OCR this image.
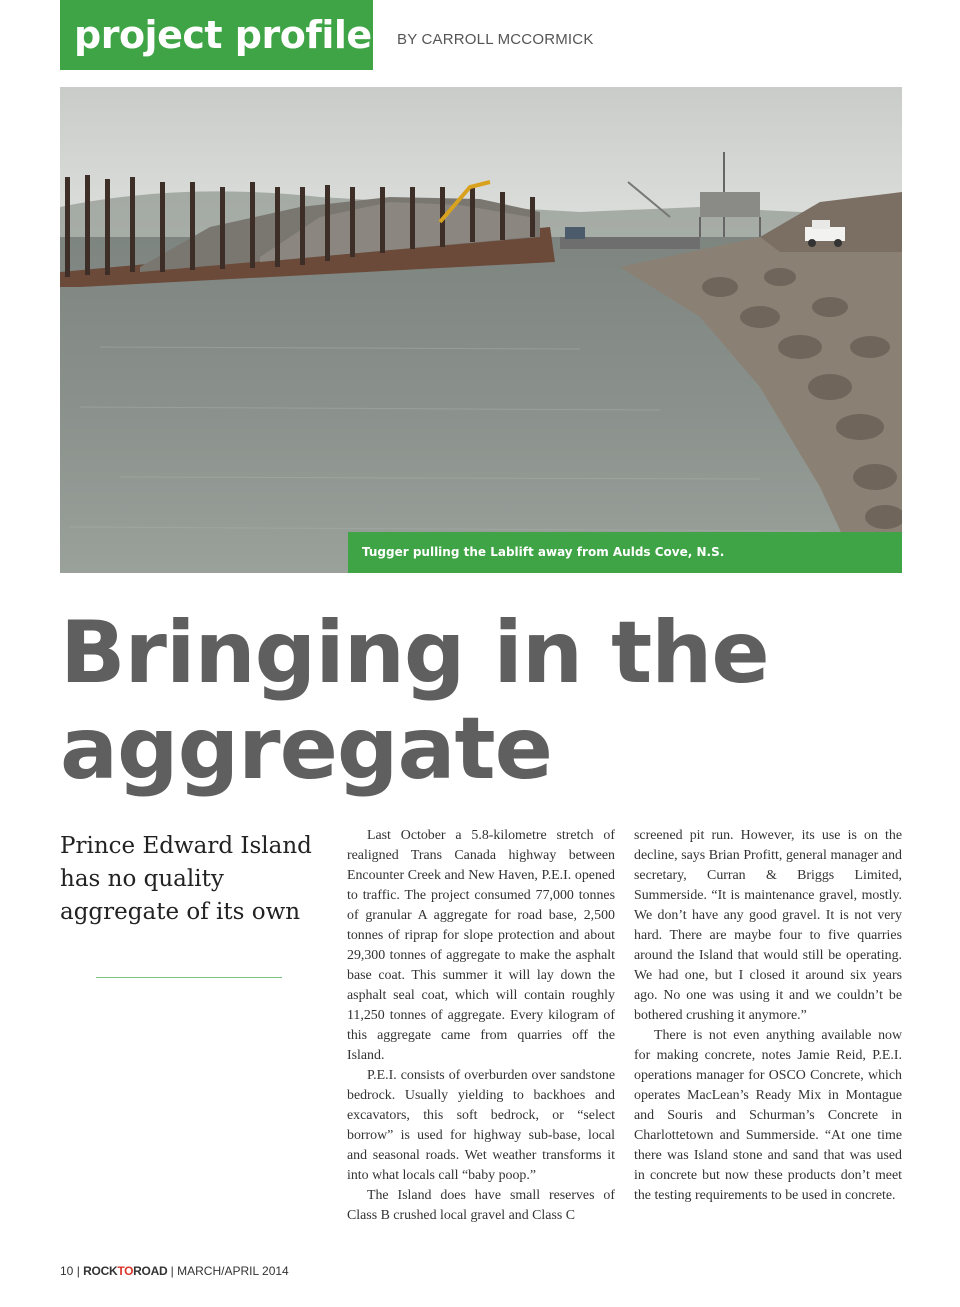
project profile BY CARROLL MCCORMICK
Tugger pulling the Lablift away from Aulds Cove, N.S.
Bringing in the aggregate

Prince Edward Island has no quality aggregate of its own

Last October a 5.8-kilometre stretch of realigned Trans Canada highway between Encounter Creek and New Haven, P.E.I. opened to traffic. The project consumed 77,000 tonnes of granular A aggregate for road base, 2,500 tonnes of riprap for slope protection and about 29,300 tonnes of aggregate to make the asphalt base coat. This summer it will lay down the asphalt seal coat, which will contain roughly 11,250 tonnes of aggregate. Every kilogram of this aggregate came from quarries off the Island.

P.E.I. consists of overburden over sandstone bedrock. Usually yielding to backhoes and excavators, this soft bedrock, or “select borrow” is used for highway sub-base, local and seasonal roads. Wet weather transforms it into what locals call “baby poop.”

The Island does have small reserves of Class B crushed local gravel and Class C

screened pit run. However, its use is on the decline, says Brian Profitt, general manager and secretary, Curran & Briggs Limited, Summerside. “It is maintenance gravel, mostly. We don’t have any good gravel. It is not very hard. There are maybe four to five quarries around the Island that would still be operating. We had one, but I closed it around six years ago. No one was using it and we couldn’t be bothered crushing it anymore.”

There is not even anything available now for making concrete, notes Jamie Reid, P.E.I. operations manager for OSCO Concrete, which operates MacLean’s Ready Mix in Montague and Souris and Schurman’s Concrete in Charlottetown and Summerside. “At one time there was Island stone and sand that was used in concrete but now these products don’t meet the testing requirements to be used in concrete.

10 | ROCKTOROAD | MARCH/APRIL 2014
